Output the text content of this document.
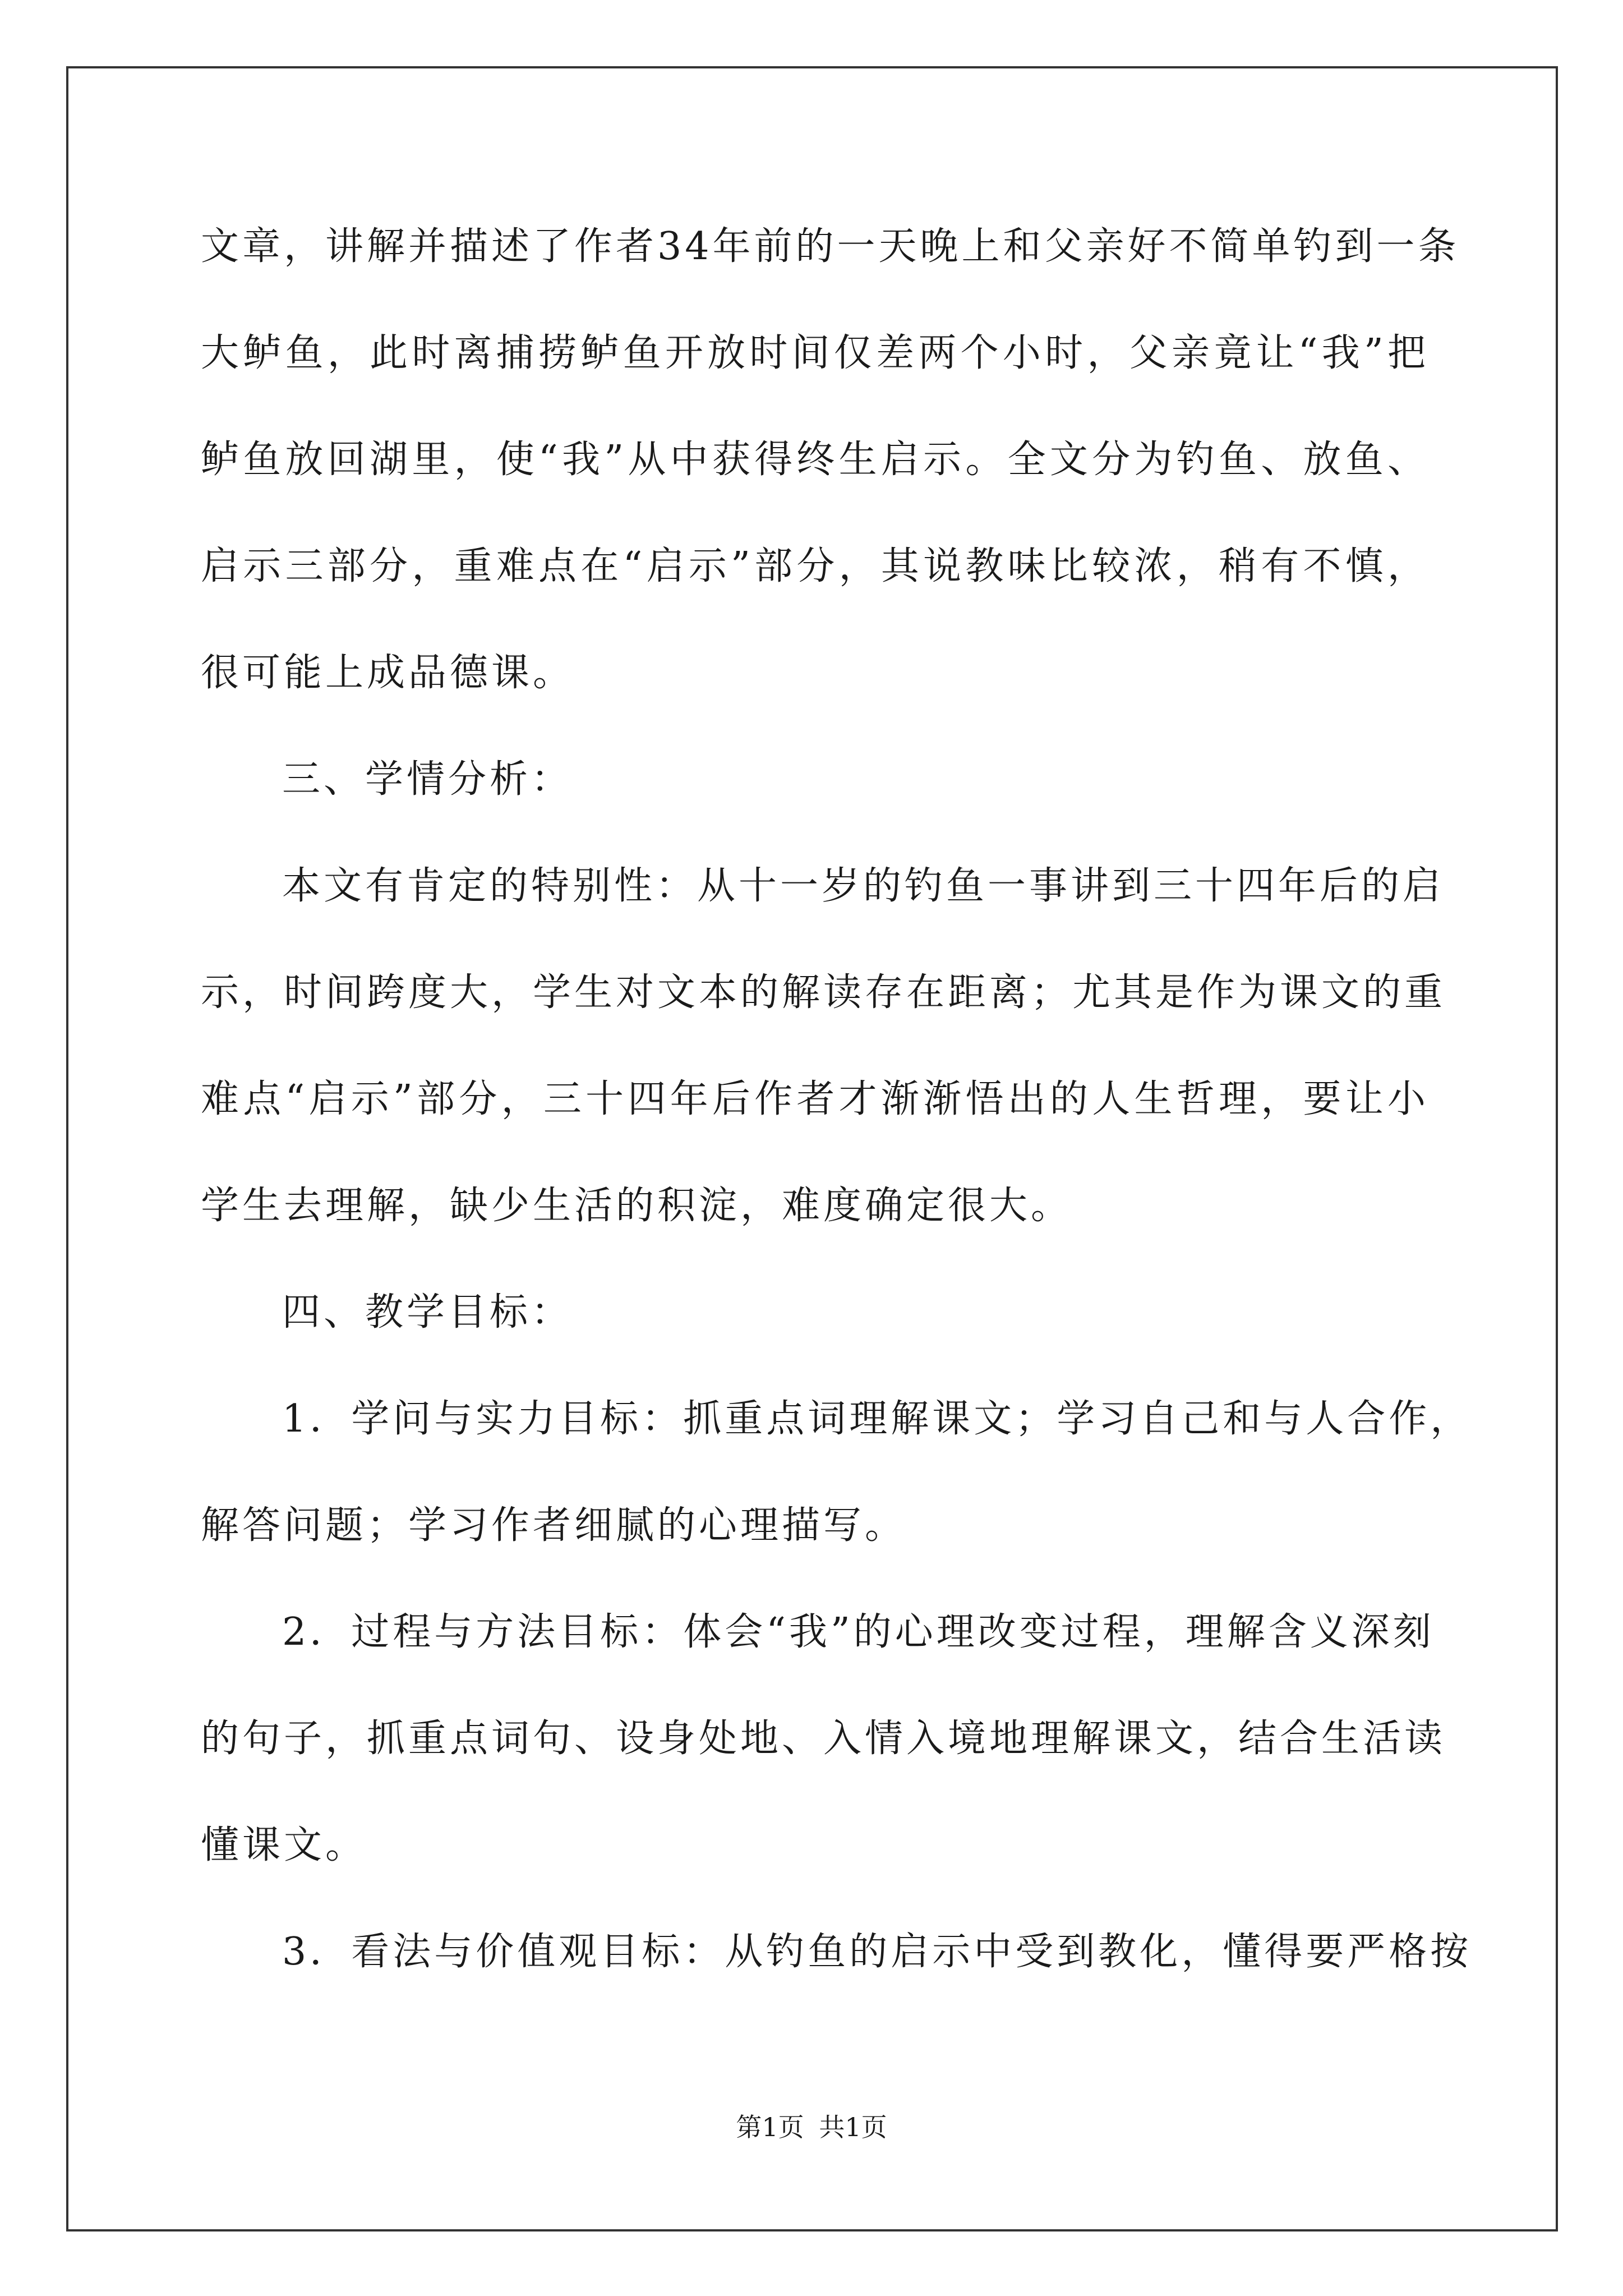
文章，讲解并描述了作者34年前的一天晚上和父亲好不简单钓到一条
大鲈鱼，此时离捕捞鲈鱼开放时间仅差两个小时，父亲竟让“我”把
鲈鱼放回湖里，使“我”从中获得终生启示。全文分为钓鱼、放鱼、
启示三部分，重难点在“启示”部分，其说教味比较浓，稍有不慎，
很可能上成品德课。
三、学情分析：
本文有肯定的特别性：从十一岁的钓鱼一事讲到三十四年后的启
示，时间跨度大，学生对文本的解读存在距离；尤其是作为课文的重
难点“启示”部分，三十四年后作者才渐渐悟出的人生哲理，要让小
学生去理解，缺少生活的积淀，难度确定很大。
四、教学目标：
1．学问与实力目标：抓重点词理解课文；学习自己和与人合作，
解答问题；学习作者细腻的心理描写。
2．过程与方法目标：体会“我”的心理改变过程，理解含义深刻
的句子，抓重点词句、设身处地、入情入境地理解课文，结合生活读
懂课文。
3．看法与价值观目标：从钓鱼的启示中受到教化，懂得要严格按
第1页 共1页
